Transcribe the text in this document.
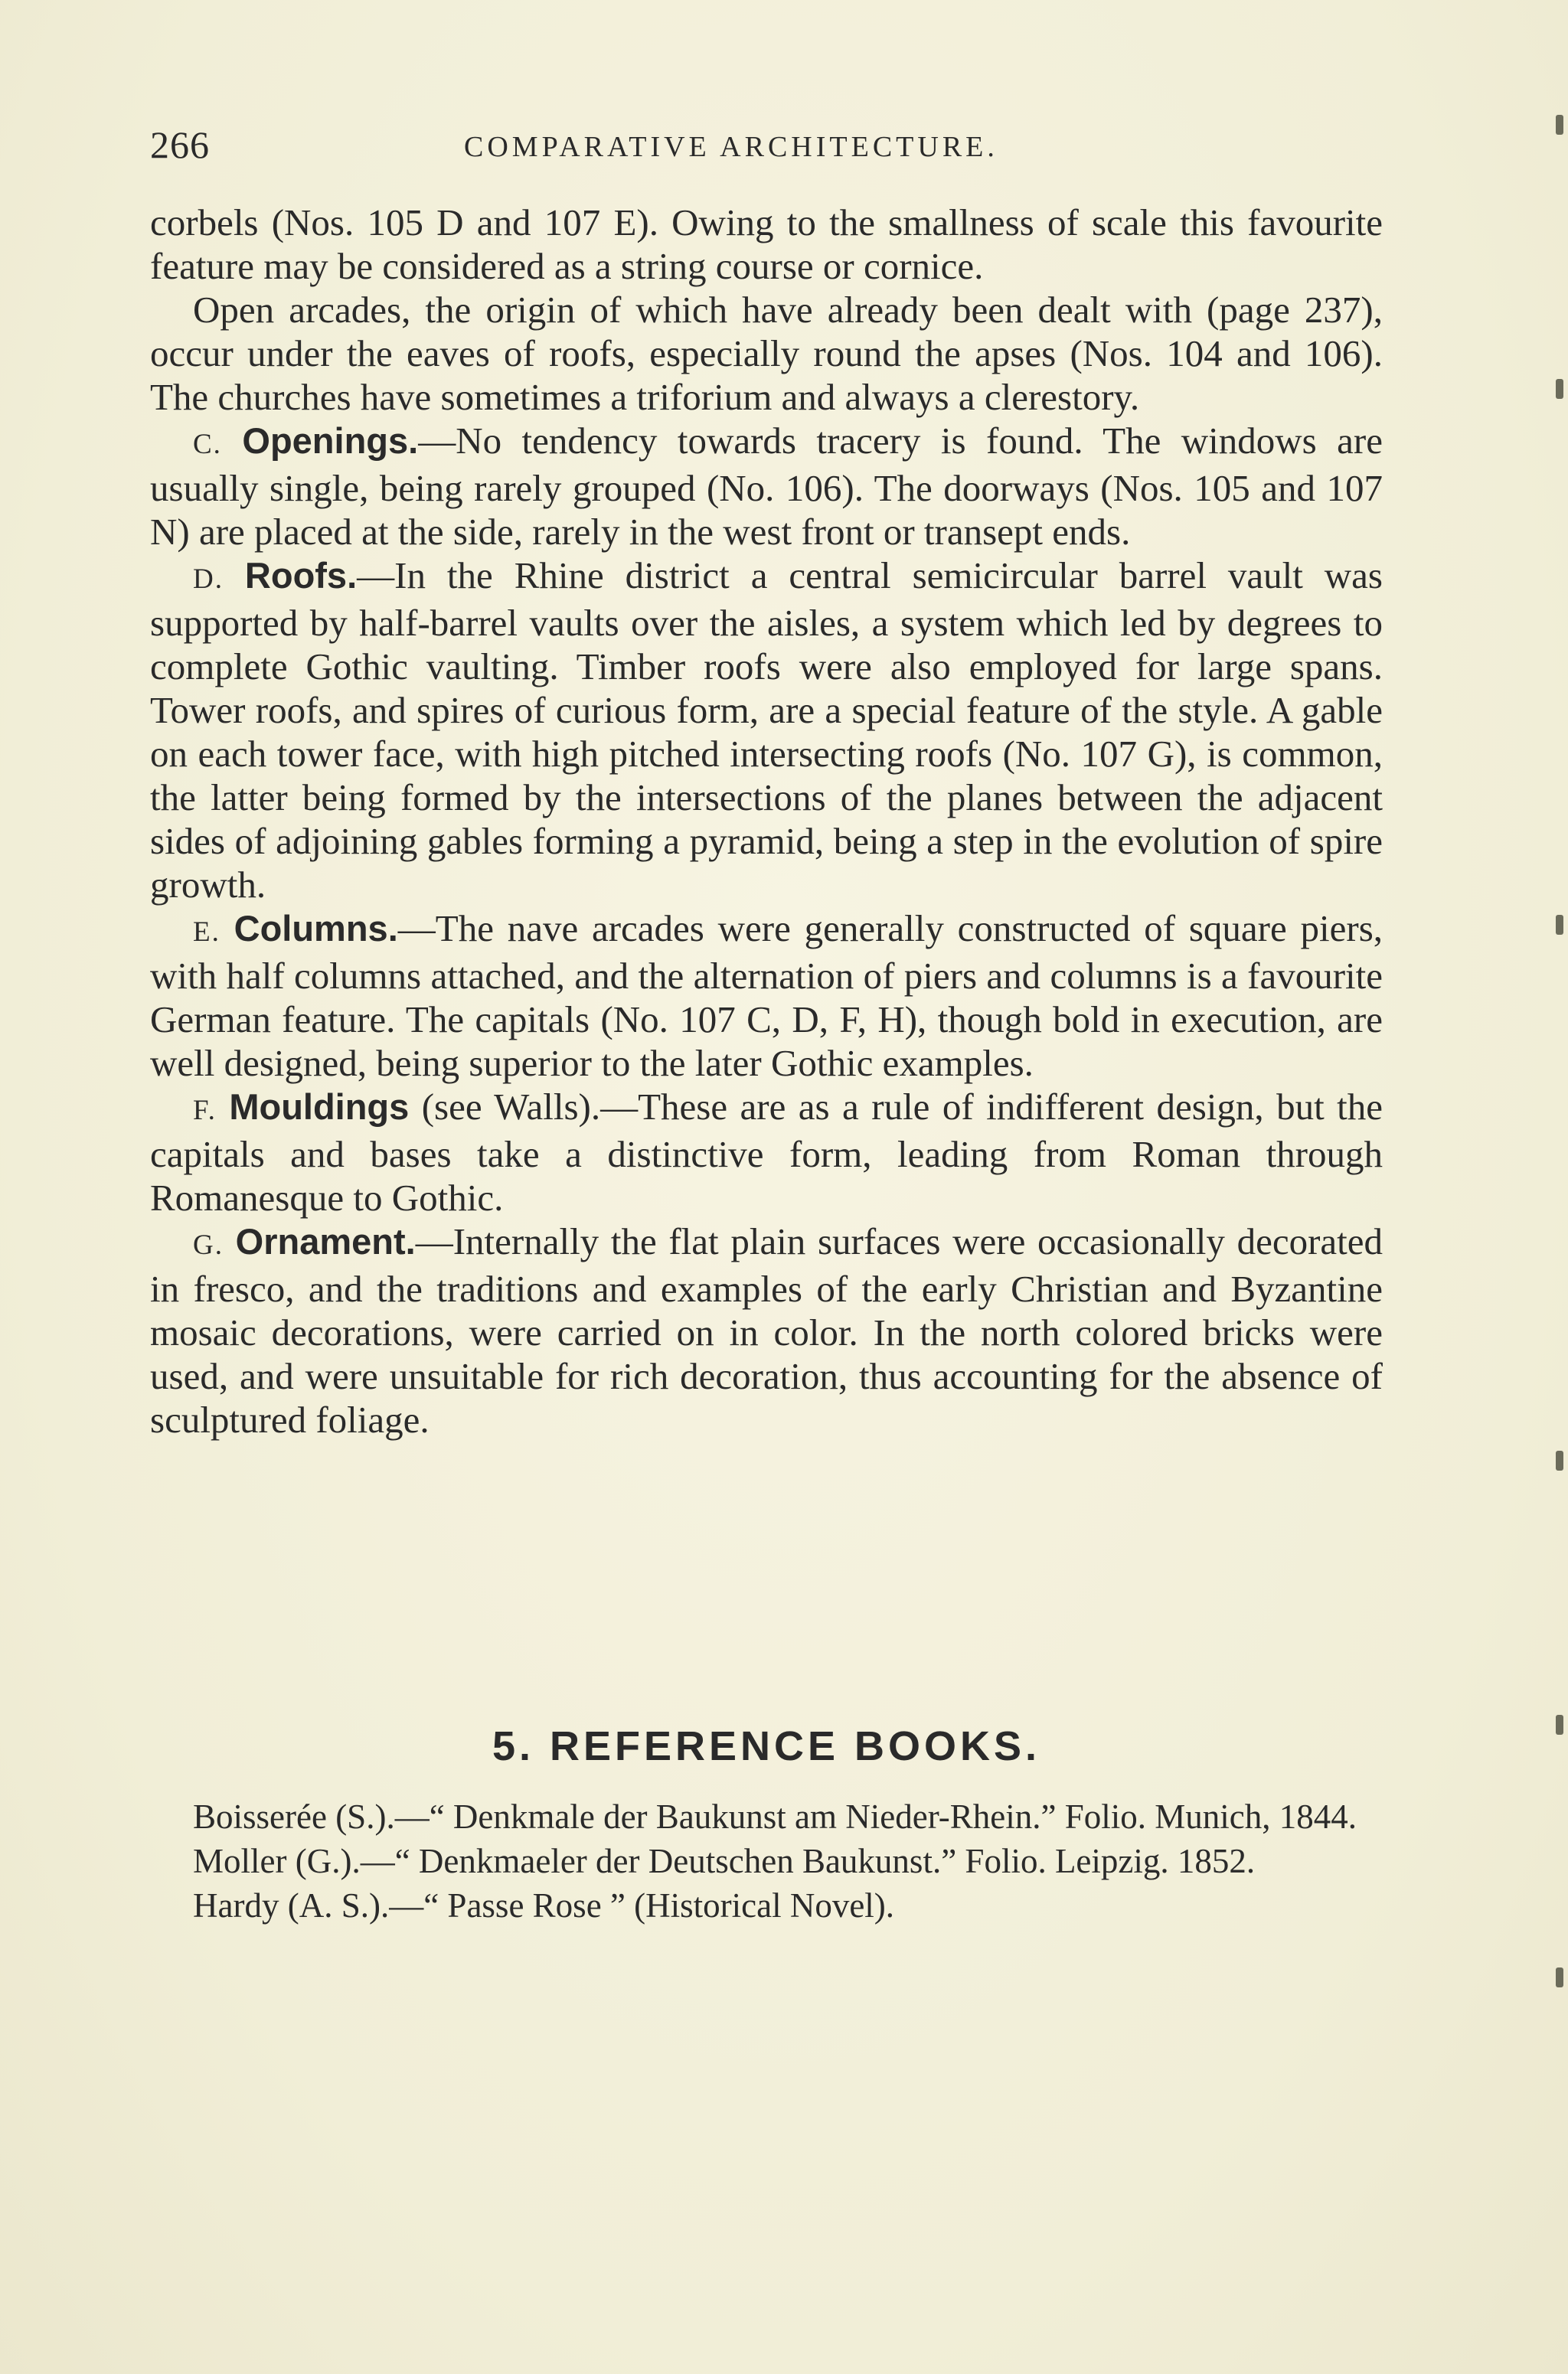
266	COMPARATIVE ARCHITECTURE.

corbels (Nos. 105 D and 107 E). Owing to the smallness of scale this favourite feature may be considered as a string course or cornice.

Open arcades, the origin of which have already been dealt with (page 237), occur under the eaves of roofs, especially round the apses (Nos. 104 and 106). The churches have sometimes a triforium and always a clerestory.

C. Openings.—No tendency towards tracery is found. The windows are usually single, being rarely grouped (No. 106). The doorways (Nos. 105 and 107 N) are placed at the side, rarely in the west front or transept ends.

D. Roofs.—In the Rhine district a central semicircular barrel vault was supported by half-barrel vaults over the aisles, a system which led by degrees to complete Gothic vaulting. Timber roofs were also employed for large spans. Tower roofs, and spires of curious form, are a special feature of the style. A gable on each tower face, with high pitched intersecting roofs (No. 107 G), is common, the latter being formed by the intersections of the planes between the adjacent sides of adjoining gables forming a pyramid, being a step in the evolution of spire growth.

E. Columns.—The nave arcades were generally constructed of square piers, with half columns attached, and the alternation of piers and columns is a favourite German feature. The capitals (No. 107 C, D, F, H), though bold in execution, are well designed, being superior to the later Gothic examples.

F. Mouldings (see Walls).—These are as a rule of indifferent design, but the capitals and bases take a distinctive form, leading from Roman through Romanesque to Gothic.

G. Ornament.—Internally the flat plain surfaces were occasionally decorated in fresco, and the traditions and examples of the early Christian and Byzantine mosaic decorations, were carried on in color. In the north colored bricks were used, and were unsuitable for rich decoration, thus accounting for the absence of sculptured foliage.

5. REFERENCE BOOKS.

Boisserée (S.).—“ Denkmale der Baukunst am Nieder-Rhein.” Folio. Munich, 1844.

Moller (G.).—“ Denkmaeler der Deutschen Baukunst.” Folio. Leipzig. 1852.

Hardy (A. S.).—“ Passe Rose ” (Historical Novel).
